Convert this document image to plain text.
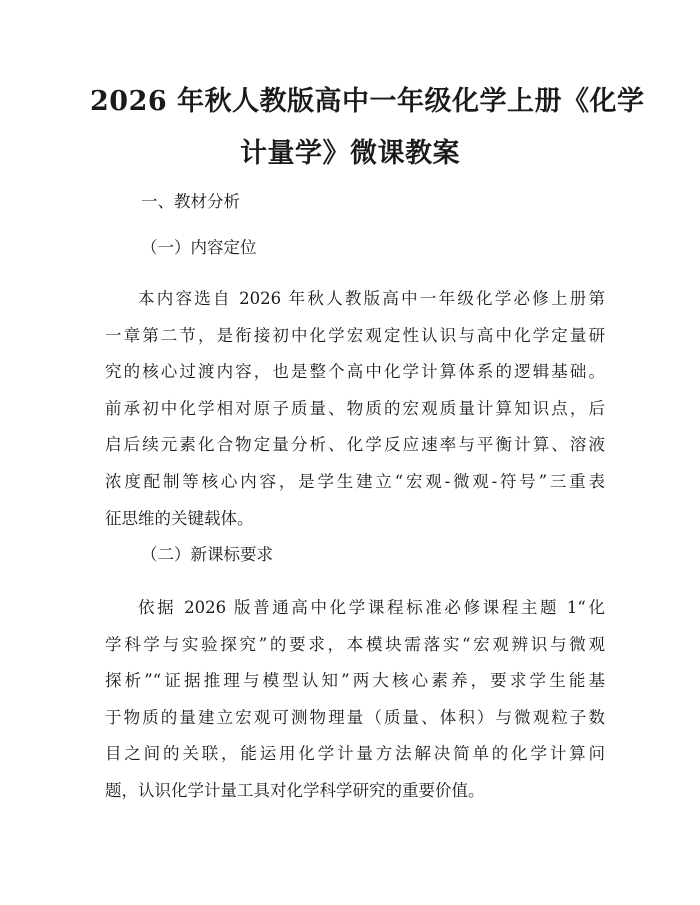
2026 年秋人教版高中一年级化学上册《化学
计量学》微课教案
一、教材分析
（一）内容定位
本内容选自 2026 年秋人教版高中一年级化学必修上册第
一章第二节，是衔接初中化学宏观定性认识与高中化学定量研
究的核心过渡内容，也是整个高中化学计算体系的逻辑基础。
前承初中化学相对原子质量、物质的宏观质量计算知识点，后
启后续元素化合物定量分析、化学反应速率与平衡计算、溶液
浓度配制等核心内容，是学生建立“宏观-微观-符号”三重表
征思维的关键载体。
（二）新课标要求
依据 2026 版普通高中化学课程标准必修课程主题 1“化
学科学与实验探究”的要求，本模块需落实“宏观辨识与微观
探析”“证据推理与模型认知”两大核心素养，要求学生能基
于物质的量建立宏观可测物理量（质量、体积）与微观粒子数
目之间的关联，能运用化学计量方法解决简单的化学计算问
题，认识化学计量工具对化学科学研究的重要价值。
